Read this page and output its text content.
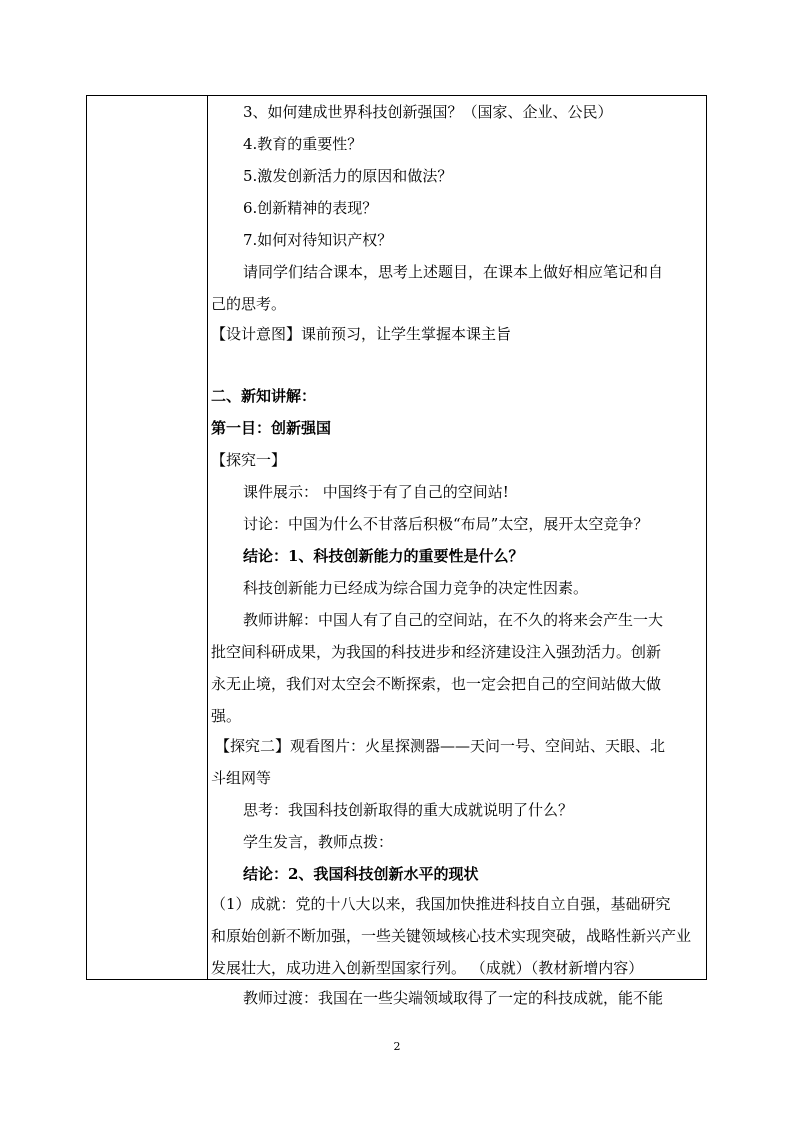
3、如何建成世界科技创新强国？（国家、企业、公民）
4.教育的重要性？
5.激发创新活力的原因和做法？
6.创新精神的表现？
7.如何对待知识产权？
请同学们结合课本，思考上述题目，在课本上做好相应笔记和自
己的思考。
【设计意图】课前预习，让学生掌握本课主旨
二、新知讲解：
第一目：创新强国
【探究一】
课件展示： 中国终于有了自己的空间站!
讨论：中国为什么不甘落后积极“布局”太空，展开太空竞争？
结论：1、科技创新能力的重要性是什么？
科技创新能力已经成为综合国力竞争的决定性因素。
教师讲解：中国人有了自己的空间站，在不久的将来会产生一大
批空间科研成果，为我国的科技进步和经济建设注入强劲活力。创新
永无止境，我们对太空会不断探索，也一定会把自己的空间站做大做
强。
【探究二】观看图片：火星探测器——天问一号、空间站、天眼、北
斗组网等
思考：我国科技创新取得的重大成就说明了什么？
学生发言，教师点拨：
结论：2、我国科技创新水平的现状
（1）成就：党的十八大以来，我国加快推进科技自立自强，基础研究
和原始创新不断加强，一些关键领域核心技术实现突破，战略性新兴产业
发展壮大，成功进入创新型国家行列。 （成就）（教材新增内容）
教师过渡：我国在一些尖端领域取得了一定的科技成就，能不能
2
